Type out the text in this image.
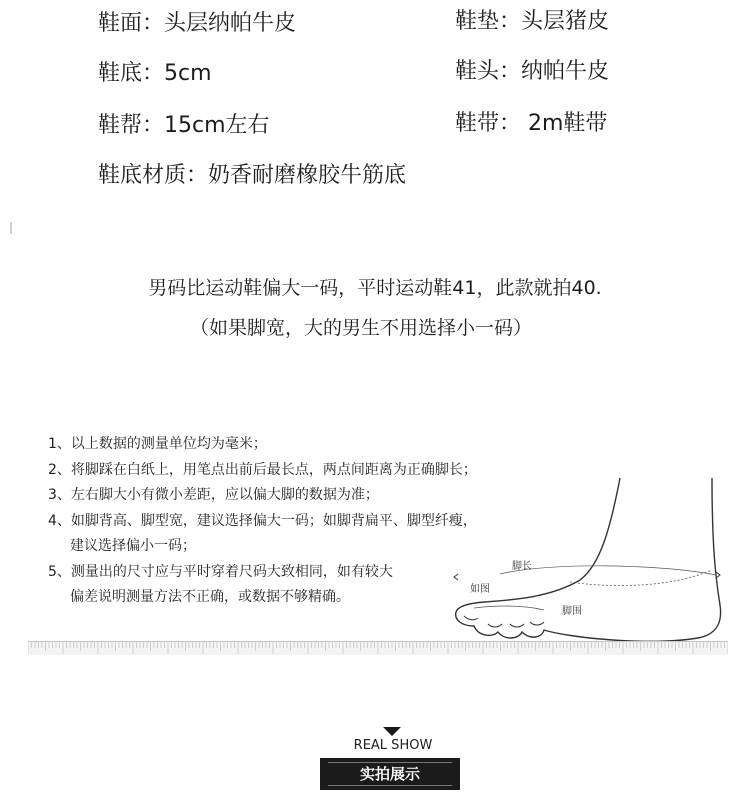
鞋面：头层纳帕牛皮	鞋垫：头层猪皮
鞋底：5cm	鞋头：纳帕牛皮
鞋帮：15cm左右	鞋带： 2m鞋带
鞋底材质：奶香耐磨橡胶牛筋底
男码比运动鞋偏大一码，平时运动鞋41，此款就拍40.
（如果脚宽，大的男生不用选择小一码）
1、以上数据的测量单位均为毫米；
2、将脚踩在白纸上，用笔点出前后最长点，两点间距离为正确脚长；
3、左右脚大小有微小差距，应以偏大脚的数据为准；
4、如脚背高、脚型宽，建议选择偏大一码；如脚背扁平、脚型纤瘦，
建议选择偏小一码；
5、测量出的尺寸应与平时穿着尺码大致相同，如有较大
偏差说明测量方法不正确，或数据不够精确。
脚长
如图
脚围
REAL SHOW
实拍展示
